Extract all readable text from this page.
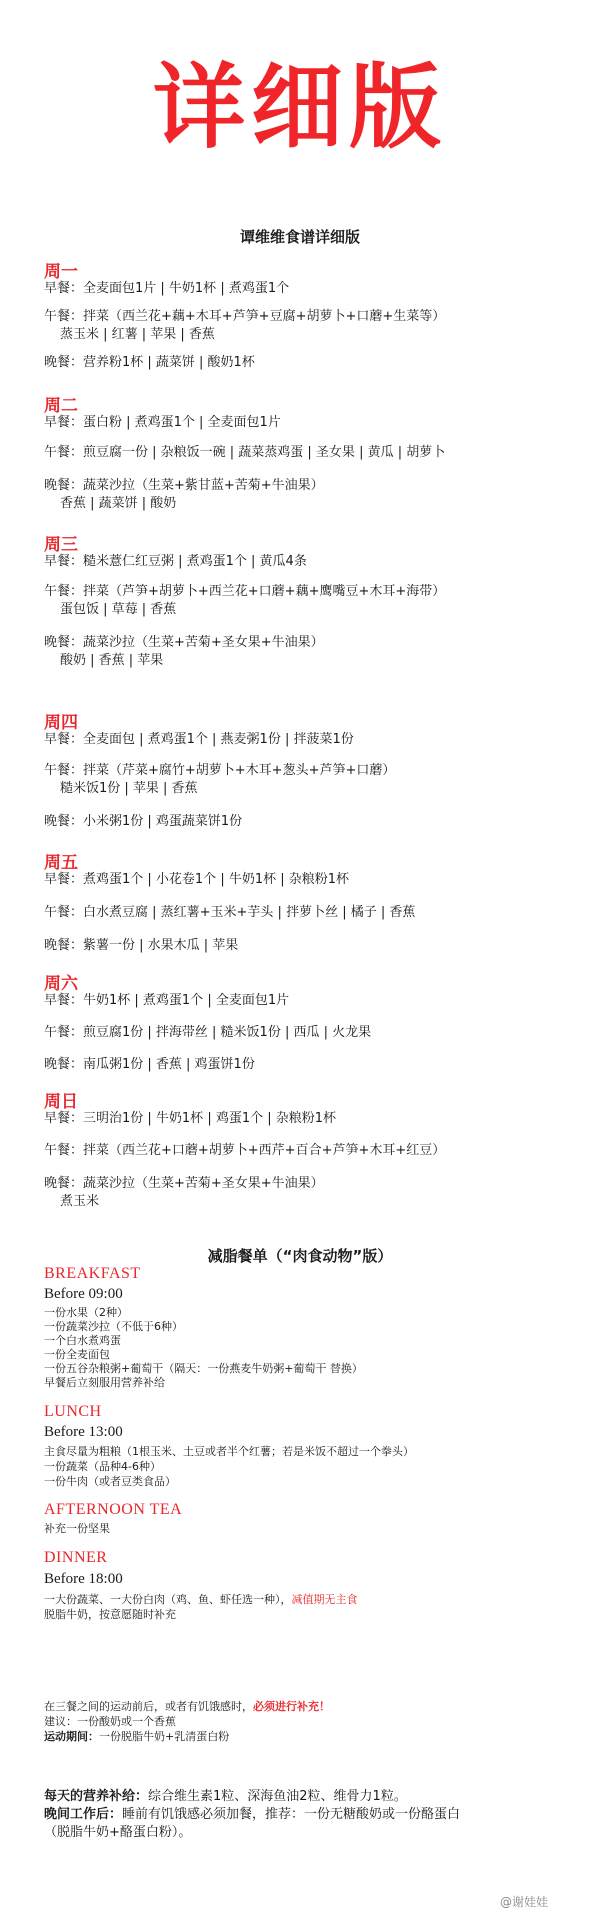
详细版
谭维维食谱详细版
周一
早餐：全麦面包1片 | 牛奶1杯 | 煮鸡蛋1个
午餐：拌菜（西兰花+藕+木耳+芦笋+豆腐+胡萝卜+口蘑+生菜等）
蒸玉米 | 红薯 | 苹果 | 香蕉
晚餐：营养粉1杯 | 蔬菜饼 | 酸奶1杯
周二
早餐：蛋白粉 | 煮鸡蛋1个 | 全麦面包1片
午餐：煎豆腐一份 | 杂粮饭一碗 | 蔬菜蒸鸡蛋 | 圣女果 | 黄瓜 | 胡萝卜
晚餐：蔬菜沙拉（生菜+紫甘蓝+苦菊+牛油果）
香蕉 | 蔬菜饼 | 酸奶
周三
早餐：糙米薏仁红豆粥 | 煮鸡蛋1个 | 黄瓜4条
午餐：拌菜（芦笋+胡萝卜+西兰花+口蘑+藕+鹰嘴豆+木耳+海带）
蛋包饭 | 草莓 | 香蕉
晚餐：蔬菜沙拉（生菜+苦菊+圣女果+牛油果）
酸奶 | 香蕉 | 苹果
周四
早餐：全麦面包 | 煮鸡蛋1个 | 燕麦粥1份 | 拌菠菜1份
午餐：拌菜（芹菜+腐竹+胡萝卜+木耳+葱头+芦笋+口蘑）
糙米饭1份 | 苹果 | 香蕉
晚餐：小米粥1份 | 鸡蛋蔬菜饼1份
周五
早餐：煮鸡蛋1个 | 小花卷1个 | 牛奶1杯 | 杂粮粉1杯
午餐：白水煮豆腐 | 蒸红薯+玉米+芋头 | 拌萝卜丝 | 橘子 | 香蕉
晚餐：紫薯一份 | 水果木瓜 | 苹果
周六
早餐：牛奶1杯 | 煮鸡蛋1个 | 全麦面包1片
午餐：煎豆腐1份 | 拌海带丝 | 糙米饭1份 | 西瓜 | 火龙果
晚餐：南瓜粥1份 | 香蕉 | 鸡蛋饼1份
周日
早餐：三明治1份 | 牛奶1杯 | 鸡蛋1个 | 杂粮粉1杯
午餐：拌菜（西兰花+口蘑+胡萝卜+西芹+百合+芦笋+木耳+红豆）
晚餐：蔬菜沙拉（生菜+苦菊+圣女果+牛油果）
煮玉米
减脂餐单（“肉食动物”版）
BREAKFAST
Before 09:00
一份水果（2种）
一份蔬菜沙拉（不低于6种）
一个白水煮鸡蛋
一份全麦面包
一份五谷杂粮粥+葡萄干（隔天：一份燕麦牛奶粥+葡萄干 替换）
早餐后立刻服用营养补给
LUNCH
Before 13:00
主食尽量为粗粮（1根玉米、土豆或者半个红薯；若是米饭不超过一个拳头）
一份蔬菜（品种4-6种）
一份牛肉（或者豆类食品）
AFTERNOON TEA
补充一份坚果
DINNER
Before 18:00
一大份蔬菜、一大份白肉（鸡、鱼、虾任选一种），减值期无主食
脱脂牛奶，按意愿随时补充
在三餐之间的运动前后，或者有饥饿感时，必须进行补充！
建议：一份酸奶或一个香蕉
运动期间：一份脱脂牛奶+乳清蛋白粉
每天的营养补给：综合维生素1粒、深海鱼油2粒、维骨力1粒。
晚间工作后：睡前有饥饿感必须加餐，推荐：一份无糖酸奶或一份酪蛋白
（脱脂牛奶+酪蛋白粉）。
@谢娃娃
